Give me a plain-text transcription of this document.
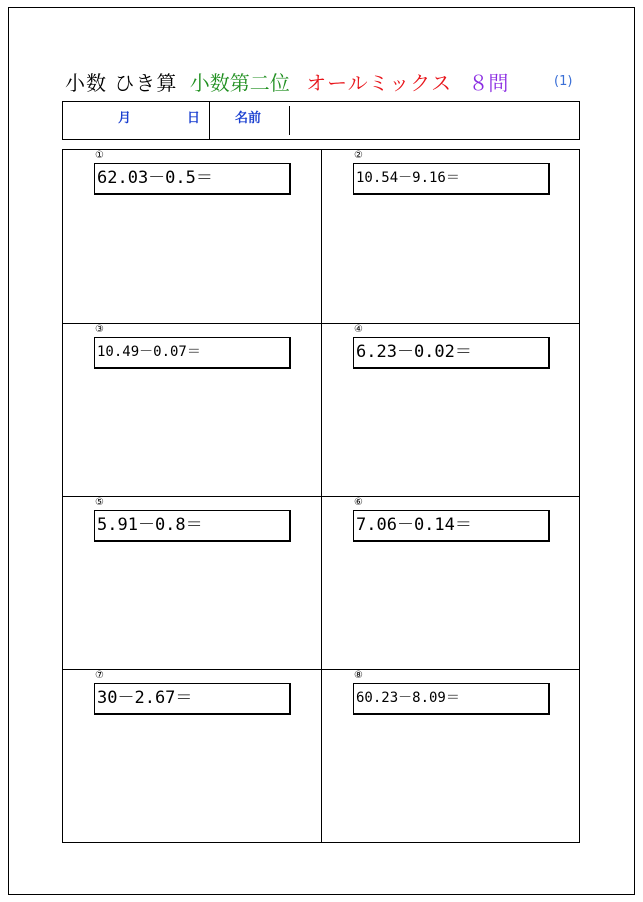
小数 ひき算 小数第二位 オールミックス ８問	(1)
月	日	名前
①
62.03－0.5＝
②
10.54－9.16＝
③
10.49－0.07＝
④
6.23－0.02＝
⑤
5.91－0.8＝
⑥
7.06－0.14＝
⑦
30－2.67＝
⑧
60.23－8.09＝
